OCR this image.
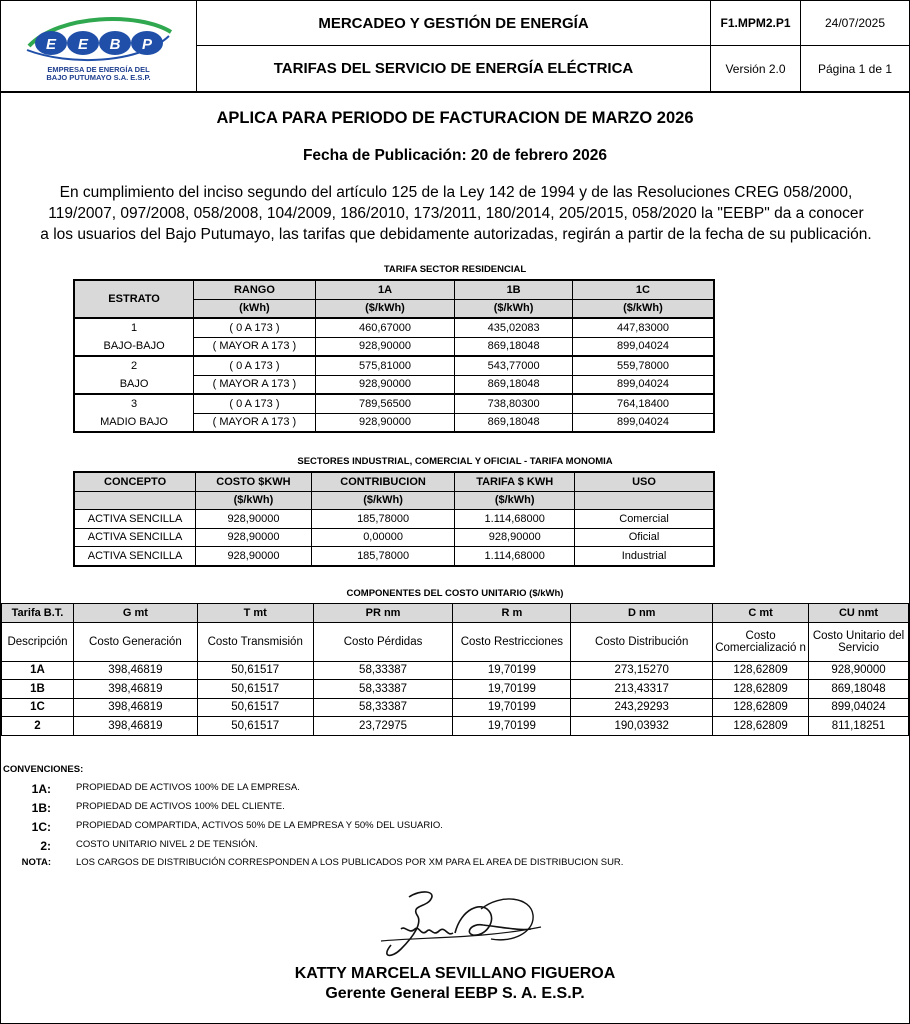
E E B P
EMPRESA DE ENERGÍA DEL
BAJO PUTUMAYO S.A. E.S.P.
MERCADEO Y GESTIÓN DE ENERGÍA
TARIFAS DEL SERVICIO DE ENERGÍA ELÉCTRICA
F1.MPM2.P1	24/07/2025
Versión 2.0	Página 1 de 1
APLICA PARA PERIODO DE FACTURACION DE MARZO 2026
Fecha de Publicación: 20 de febrero 2026
En cumplimiento del inciso segundo del artículo 125 de la Ley 142 de 1994 y de las Resoluciones CREG 058/2000,
119/2007, 097/2008, 058/2008, 104/2009, 186/2010, 173/2011, 180/2014, 205/2015, 058/2020 la "EEBP" da a conocer
a los usuarios del Bajo Putumayo, las tarifas que debidamente autorizadas, regirán a partir de la fecha de su publicación.
TARIFA SECTOR RESIDENCIAL
ESTRATO	RANGO	1A	1B	1C
	(kWh)	($/kWh)	($/kWh)	($/kWh)
1	( 0 A 173 )	460,67000	435,02083	447,83000
BAJO-BAJO	( MAYOR A 173 )	928,90000	869,18048	899,04024
2	( 0 A 173 )	575,81000	543,77000	559,78000
BAJO	( MAYOR A 173 )	928,90000	869,18048	899,04024
3	( 0 A 173 )	789,56500	738,80300	764,18400
MADIO BAJO	( MAYOR A 173 )	928,90000	869,18048	899,04024
SECTORES INDUSTRIAL, COMERCIAL Y OFICIAL - TARIFA MONOMIA
CONCEPTO	COSTO $KWH	CONTRIBUCION	TARIFA $ KWH	USO
	($/kWh)	($/kWh)	($/kWh)	
ACTIVA SENCILLA	928,90000	185,78000	1.114,68000	Comercial
ACTIVA SENCILLA	928,90000	0,00000	928,90000	Oficial
ACTIVA SENCILLA	928,90000	185,78000	1.114,68000	Industrial
COMPONENTES DEL COSTO UNITARIO ($/kWh)
Tarifa B.T.	G mt	T mt	PR nm	R m	D nm	C mt	CU nmt
Descripción	Costo Generación	Costo Transmisión	Costo Pérdidas	Costo Restricciones	Costo Distribución	Costo Comercializació n	Costo Unitario del Servicio
1A	398,46819	50,61517	58,33387	19,70199	273,15270	128,62809	928,90000
1B	398,46819	50,61517	58,33387	19,70199	213,43317	128,62809	869,18048
1C	398,46819	50,61517	58,33387	19,70199	243,29293	128,62809	899,04024
2	398,46819	50,61517	23,72975	19,70199	190,03932	128,62809	811,18251
CONVENCIONES:
1A:	PROPIEDAD DE ACTIVOS 100% DE LA EMPRESA.
1B:	PROPIEDAD DE ACTIVOS 100% DEL CLIENTE.
1C:	PROPIEDAD COMPARTIDA, ACTIVOS 50% DE LA EMPRESA Y 50% DEL USUARIO.
2:	COSTO UNITARIO NIVEL 2 DE TENSIÓN.
NOTA:	LOS CARGOS DE DISTRIBUCIÓN CORRESPONDEN A LOS PUBLICADOS POR XM PARA EL AREA DE DISTRIBUCION SUR.
KATTY MARCELA SEVILLANO FIGUEROA
Gerente General EEBP S. A. E.S.P.
